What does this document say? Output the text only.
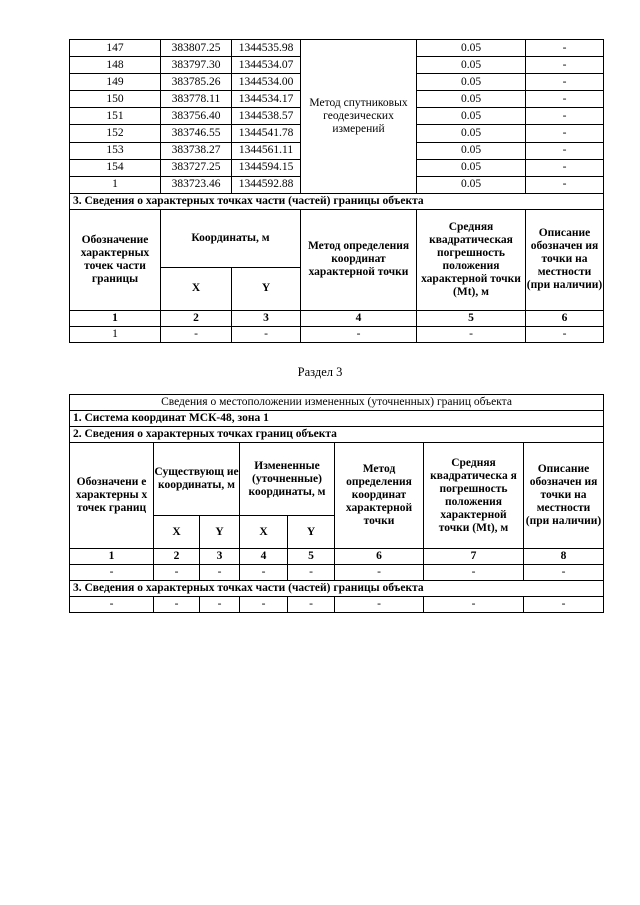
147	383807.25	1344535.98	Метод спутниковых геодезических измерений	0.05	-
148	383797.30	1344534.07		0.05	-
149	383785.26	1344534.00		0.05	-
150	383778.11	1344534.17		0.05	-
151	383756.40	1344538.57		0.05	-
152	383746.55	1344541.78		0.05	-
153	383738.27	1344561.11		0.05	-
154	383727.25	1344594.15		0.05	-
1	383723.46	1344592.88		0.05	-
3. Сведения о характерных точках части (частей) границы объекта					
Обозначение характерных точек части границы	Координаты, м		Метод определения координат характерной точки	Средняя квадратическая погрешность положения характерной точки (Mt), м	Описание обозначен ия точки на местности (при наличии)
	X	Y			
1	2	3	4	5	6
1	-	-	-	-	-
Раздел 3
Сведения о местоположении измененных (уточненных) границ объекта							
1. Система координат МСК-48, зона 1							
2. Сведения о характерных точках границ объекта							
Обозначени е характерны х точек границ	Существующ ие координаты, м		Измененные (уточненные) координаты, м		Метод определения координат характерной точки	Средняя квадратическа я погрешность положения характерной точки (Mt), м	Описание обозначен ия точки на местности (при наличии)
	X	Y	X	Y			
1	2	3	4	5	6	7	8
-	-	-	-	-	-	-	-
3. Сведения о характерных точках части (частей) границы объекта							
-	-	-	-	-	-	-	-
